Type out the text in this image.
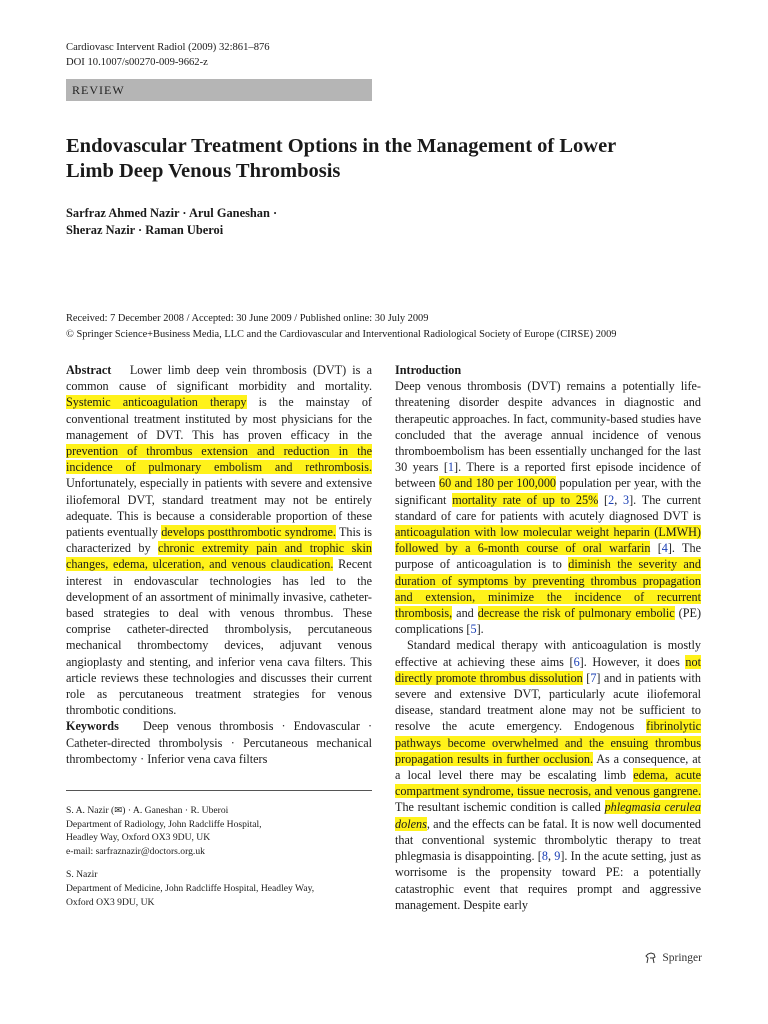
Cardiovasc Intervent Radiol (2009) 32:861–876
DOI 10.1007/s00270-009-9662-z
REVIEW
Endovascular Treatment Options in the Management of Lower
Limb Deep Venous Thrombosis
Sarfraz Ahmed Nazir · Arul Ganeshan ·
Sheraz Nazir · Raman Uberoi
Received: 7 December 2008 / Accepted: 30 June 2009 / Published online: 30 July 2009
© Springer Science+Business Media, LLC and the Cardiovascular and Interventional Radiological Society of Europe (CIRSE) 2009

Abstract Lower limb deep vein thrombosis (DVT) is a common cause of significant morbidity and mortality. Systemic anticoagulation therapy is the mainstay of conventional treatment instituted by most physicians for the management of DVT. This has proven efficacy in the prevention of thrombus extension and reduction in the incidence of pulmonary embolism and rethrombosis. Unfortunately, especially in patients with severe and extensive iliofemoral DVT, standard treatment may not be entirely adequate. This is because a considerable proportion of these patients eventually develops postthrombotic syndrome. This is characterized by chronic extremity pain and trophic skin changes, edema, ulceration, and venous claudication. Recent interest in endovascular technologies has led to the development of an assortment of minimally invasive, catheter-based strategies to deal with venous thrombus. These comprise catheter-directed thrombolysis, percutaneous mechanical thrombectomy devices, adjuvant venous angioplasty and stenting, and inferior vena cava filters. This article reviews these technologies and discusses their current role as percutaneous treatment strategies for venous thrombotic conditions.

Keywords Deep venous thrombosis · Endovascular · Catheter-directed thrombolysis · Percutaneous mechanical thrombectomy · Inferior vena cava filters

S. A. Nazir (✉) · A. Ganeshan · R. Uberoi

Department of Radiology, John Radcliffe Hospital,

Headley Way, Oxford OX3 9DU, UK

e-mail: sarfraznazir@doctors.org.uk

S. Nazir

Department of Medicine, John Radcliffe Hospital, Headley Way,

Oxford OX3 9DU, UK

Introduction

Deep venous thrombosis (DVT) remains a potentially life-threatening disorder despite advances in diagnostic and therapeutic approaches. In fact, community-based studies have concluded that the average annual incidence of venous thromboembolism has been essentially unchanged for the last 30 years [1]. There is a reported first episode incidence of between 60 and 180 per 100,000 population per year, with the significant mortality rate of up to 25% [2, 3]. The current standard of care for patients with acutely diagnosed DVT is anticoagulation with low molecular weight heparin (LMWH) followed by a 6-month course of oral warfarin [4]. The purpose of anticoagulation is to diminish the severity and duration of symptoms by preventing thrombus propagation and extension, minimize the incidence of recurrent thrombosis, and decrease the risk of pulmonary embolic (PE) complications [5].

Standard medical therapy with anticoagulation is mostly effective at achieving these aims [6]. However, it does not directly promote thrombus dissolution [7] and in patients with severe and extensive DVT, particularly acute iliofemoral disease, standard treatment alone may not be sufficient to resolve the acute emergency. Endogenous fibrinolytic pathways become overwhelmed and the ensuing thrombus propagation results in further occlusion. As a consequence, at a local level there may be escalating limb edema, acute compartment syndrome, tissue necrosis, and venous gangrene. The resultant ischemic condition is called phlegmasia cerulea dolens, and the effects can be fatal. It is now well documented that conventional systemic thrombolytic therapy to treat phlegmasia is disappointing. [8, 9]. In the acute setting, just as worrisome is the propensity toward PE: a potentially catastrophic event that requires prompt and aggressive management. Despite early

Springer
